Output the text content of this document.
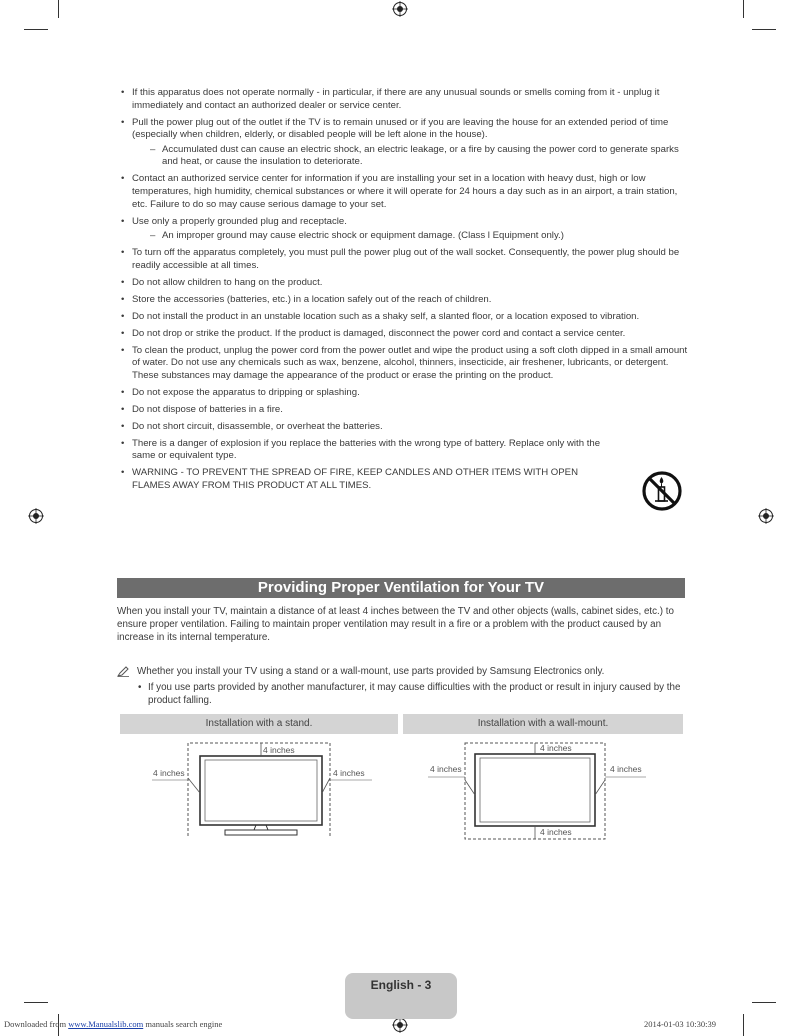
• If this apparatus does not operate normally - in particular, if there are any unusual sounds or smells coming from it - unplug it immediately and contact an authorized dealer or service center.
• Pull the power plug out of the outlet if the TV is to remain unused or if you are leaving the house for an extended period of time (especially when children, elderly, or disabled people will be left alone in the house).
– Accumulated dust can cause an electric shock, an electric leakage, or a fire by causing the power cord to generate sparks and heat, or cause the insulation to deteriorate.
• Contact an authorized service center for information if you are installing your set in a location with heavy dust, high or low temperatures, high humidity, chemical substances or where it will operate for 24 hours a day such as in an airport, a train station, etc. Failure to do so may cause serious damage to your set.
• Use only a properly grounded plug and receptacle.
– An improper ground may cause electric shock or equipment damage. (Class l Equipment only.)
• To turn off the apparatus completely, you must pull the power plug out of the wall socket. Consequently, the power plug should be readily accessible at all times.
• Do not allow children to hang on the product.
• Store the accessories (batteries, etc.) in a location safely out of the reach of children.
• Do not install the product in an unstable location such as a shaky self, a slanted floor, or a location exposed to vibration.
• Do not drop or strike the product. If the product is damaged, disconnect the power cord and contact a service center.
• To clean the product, unplug the power cord from the power outlet and wipe the product using a soft cloth dipped in a small amount of water. Do not use any chemicals such as wax, benzene, alcohol, thinners, insecticide, air freshener, lubricants, or detergent. These substances may damage the appearance of the product or erase the printing on the product.
• Do not expose the apparatus to dripping or splashing.
• Do not dispose of batteries in a fire.
• Do not short circuit, disassemble, or overheat the batteries.
• There is a danger of explosion if you replace the batteries with the wrong type of battery. Replace only with the same or equivalent type.
• WARNING - TO PREVENT THE SPREAD OF FIRE, KEEP CANDLES AND OTHER ITEMS WITH OPEN FLAMES AWAY FROM THIS PRODUCT AT ALL TIMES.
Providing Proper Ventilation for Your TV
When you install your TV, maintain a distance of at least 4 inches between the TV and other objects (walls, cabinet sides, etc.) to ensure proper ventilation. Failing to maintain proper ventilation may result in a fire or a problem with the product caused by an increase in its internal temperature.
Whether you install your TV using a stand or a wall-mount, use parts provided by Samsung Electronics only.
• If you use parts provided by another manufacturer, it may cause difficulties with the product or result in injury caused by the product falling.
Installation with a stand.	Installation with a wall-mount.
4 inches
4 inches	4 inches
4 inches
4 inches	4 inches
4 inches
English - 3
Downloaded from www.Manualslib.com manuals search engine	2014-01-03 10:30:39
